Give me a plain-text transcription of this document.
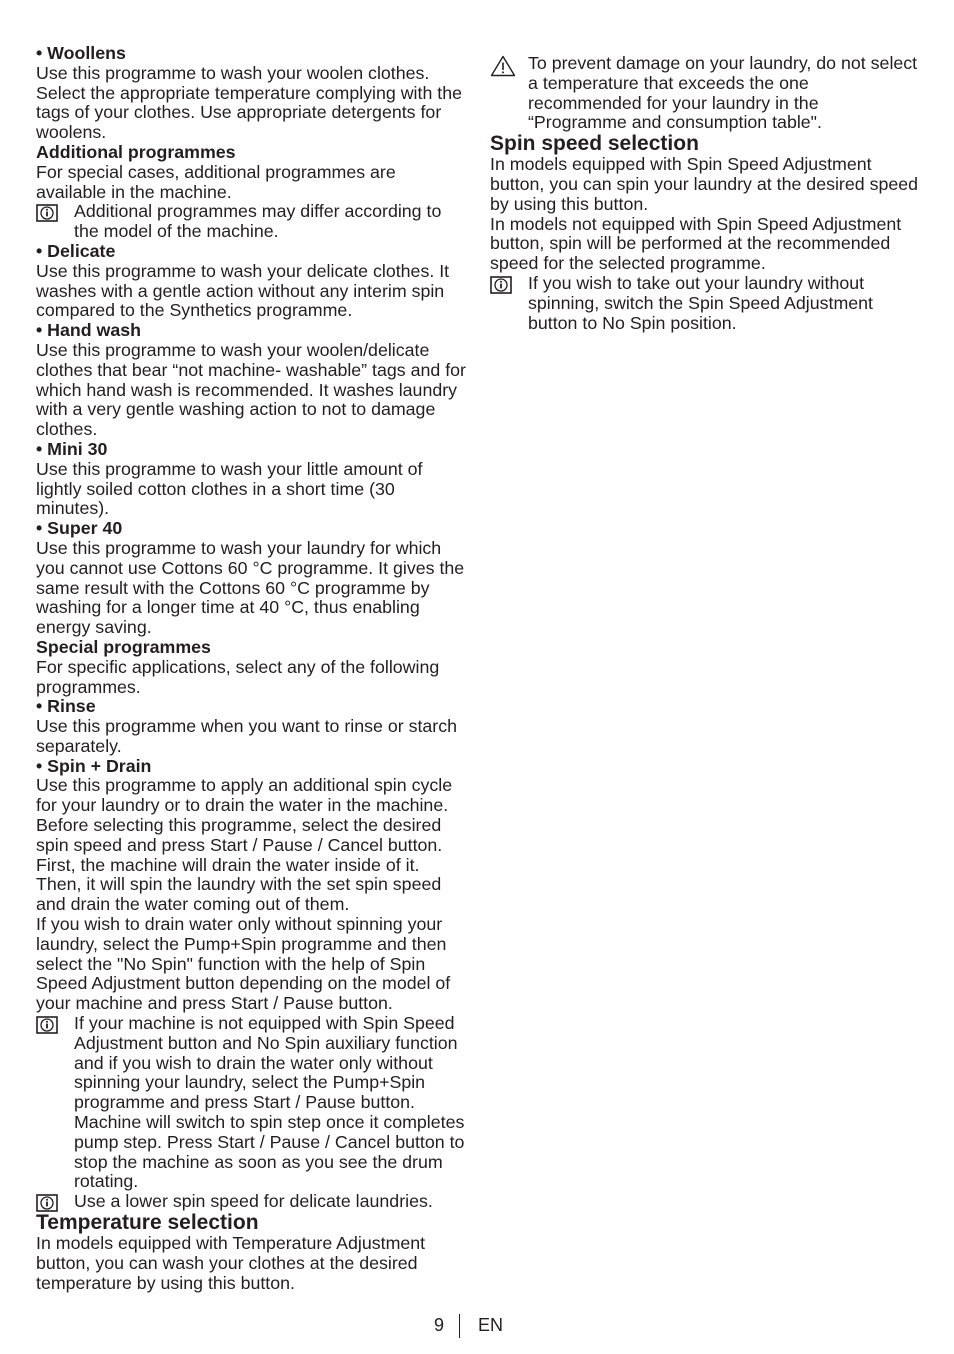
• Woollens

Use this programme to wash your woolen clothes. Select the appropriate temperature complying with the tags of your clothes. Use appropriate detergents for woolens.

Additional programmes

For special cases, additional programmes are available in the machine.

Additional programmes may differ according to the model of the machine.

• Delicate

Use this programme to wash your delicate clothes. It washes with a gentle action without any interim spin compared to the Synthetics programme.

• Hand wash

Use this programme to wash your woolen/delicate clothes that bear “not machine- washable” tags and for which hand wash is recommended. It washes laundry with a very gentle washing action to not to damage clothes.

• Mini 30

Use this programme to wash your little amount of lightly soiled cotton clothes in a short time (30 minutes).

• Super 40

Use this programme to wash your laundry for which you cannot use Cottons 60 °C programme. It gives the same result with the Cottons 60 °C programme by washing for a longer time at 40 °C, thus enabling energy saving.

Special programmes

For specific applications, select any of the following programmes.

• Rinse

Use this programme when you want to rinse or starch separately.

• Spin + Drain

Use this programme to apply an additional spin cycle for your laundry or to drain the water in the machine. Before selecting this programme, select the desired spin speed and press Start / Pause / Cancel button. First, the machine will drain the water inside of it. Then, it will spin the laundry with the set spin speed and drain the water coming out of them.

If you wish to drain water only without spinning your laundry, select the Pump+Spin programme and then select the "No Spin" function with the help of Spin Speed Adjustment button depending on the model of your machine and press Start / Pause button.

If your machine is not equipped with Spin Speed Adjustment button and No Spin auxiliary function and if you wish to drain the water only without spinning your laundry, select the Pump+Spin programme and press Start / Pause button. Machine will switch to spin step once it completes pump step. Press Start / Pause / Cancel button to stop the machine as soon as you see the drum rotating.
Use a lower spin speed for delicate laundries.

Temperature selection

In models equipped with Temperature Adjustment button, you can wash your clothes at the desired temperature by using this button.

To prevent damage on your laundry, do not select a temperature that exceeds the one recommended for your laundry in the “Programme and consumption table".

Spin speed selection

In models equipped with Spin Speed Adjustment button, you can spin your laundry at the desired speed by using this button.

In models not equipped with Spin Speed Adjustment button, spin will be performed at the recommended speed for the selected programme.

If you wish to take out your laundry without spinning, switch the Spin Speed Adjustment button to No Spin position.
9 EN
